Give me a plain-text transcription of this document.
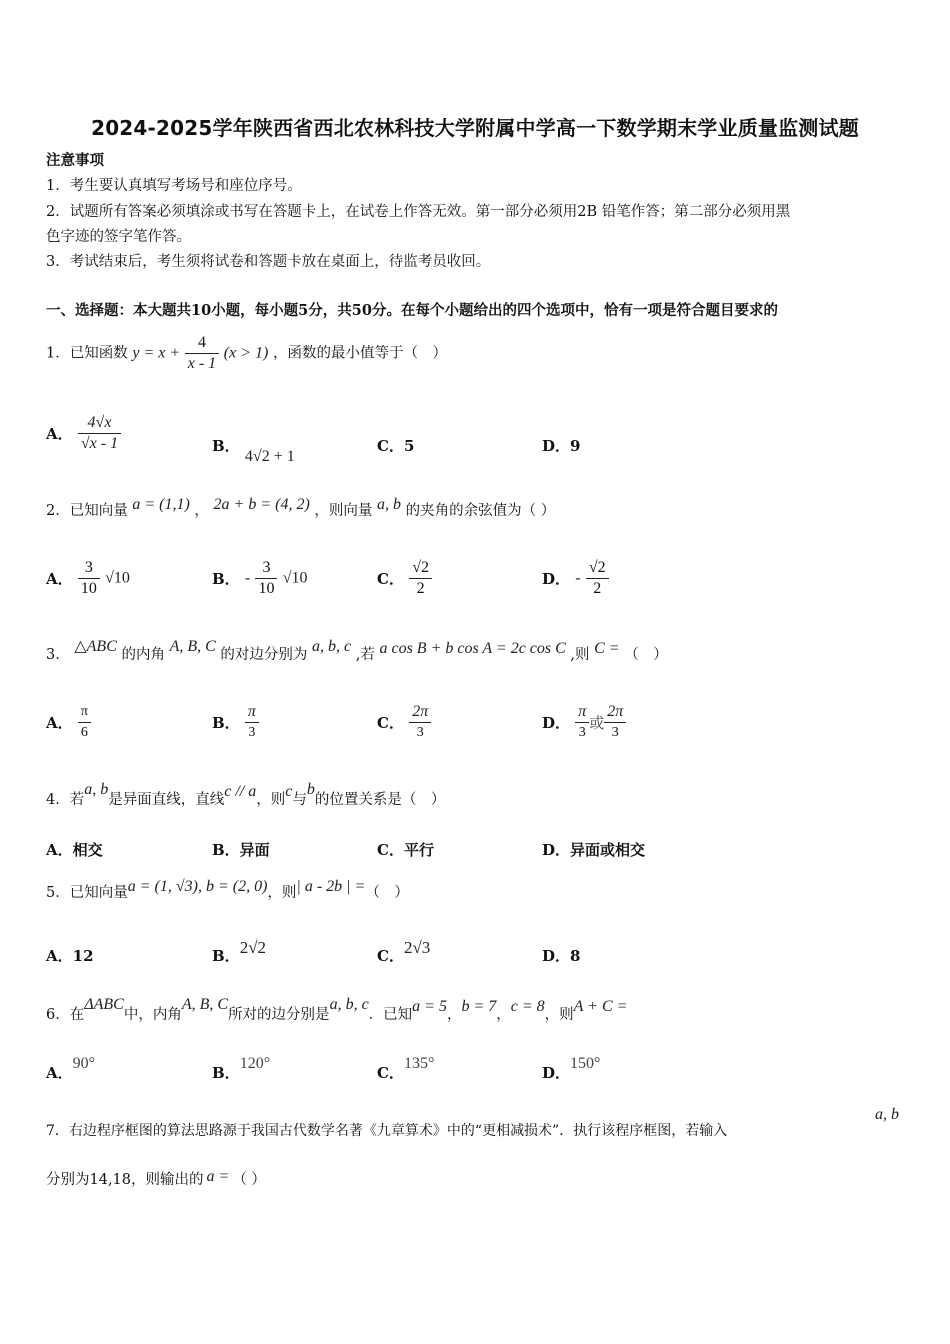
2024-2025学年陕西省西北农林科技大学附属中学高一下数学期末学业质量监测试题
注意事项
1．考生要认真填写考场号和座位序号。
2．试题所有答案必须填涂或书写在答题卡上，在试卷上作答无效。第一部分必须用2B 铅笔作答；第二部分必须用黑
色字迹的签字笔作答。
3．考试结束后，考生须将试卷和答题卡放在桌面上，待监考员收回。
一、选择题：本大题共10小题，每小题5分，共50分。在每个小题给出的四个选项中，恰有一项是符合题目要求的
1．已知函数 $y = x + \frac{4}{x - 1} (x > 1)$ ，函数的最小值等于（　）
A． $\frac{4√x}{√x - 1}$	B． 4√2 + 1
C．5	D．9
2．已知向量 a = (1,1) ， 2a + b = (4, 2) ，则向量 a, b 的夹角的余弦值为（ ）
A． $\frac{3}{10} √10$	B． - $\frac{3}{10} √10$	C． $\frac{√2}{2}$	D． - $\frac{√2}{2}$
3． △ABC 的内角 A, B, C 的对边分别为 a, b, c ,若 a cos B + b cos A = 2c cos C ,则 C = （　）
A． $\frac{\pi}{6}$	B． $\frac{\pi}{3}$	C． $\frac{2\pi}{3}$	D． $\frac{\pi}{3}$ 或 $\frac{2\pi}{3}$
4．若a, b是异面直线，直线c // a，则c与b的位置关系是（　）
A．相交	B．异面	C．平行	D．异面或相交
5．已知向量a = (1, √3), b = (2, 0)，则| a - 2b | =（　）
A．12	B．2√2	C．2√3	D．8
6．在ΔABC中，内角A, B, C所对的边分别是a, b, c．已知a = 5，b = 7，c = 8，则A + C =
A．90°
B．120°
C．135°
D．150°
7．右边程序框图的算法思路源于我国古代数学名著《九章算术》中的“更相减损术”．执行该程序框图，若输入
a, b
分别为14,18，则输出的 a = （ ）
